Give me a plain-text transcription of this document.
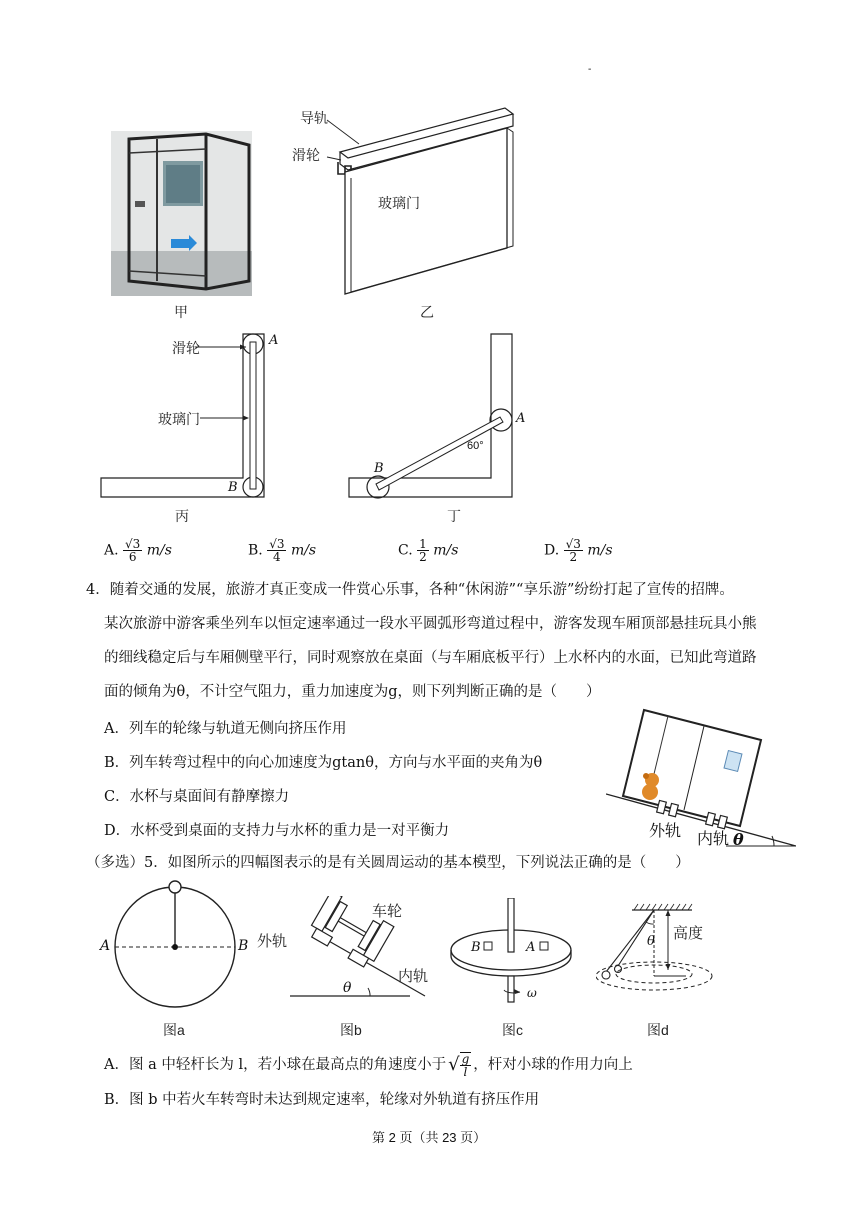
-
甲
导轨
滑轮
玻璃门
乙
滑轮
玻璃门
A
B
丙
A
B
60°
丁
A. $\frac{√3}{6} m/s$	B. $\frac{√3}{4} m/s$	C. $\frac{1}{2} m/s$	D. $\frac{√3}{2} m/s$
4．随着交通的发展，旅游才真正变成一件赏心乐事，各种“休闲游”“享乐游”纷纷打起了宣传的招牌。
某次旅游中游客乘坐列车以恒定速率通过一段水平圆弧形弯道过程中，游客发现车厢顶部悬挂玩具小熊
的细线稳定后与车厢侧壁平行，同时观察放在桌面（与车厢底板平行）上水杯内的水面，已知此弯道路
面的倾角为θ，不计空气阻力，重力加速度为g，则下列判断正确的是（　　）
A．列车的轮缘与轨道无侧向挤压作用
B．列车转弯过程中的向心加速度为gtanθ，方向与水平面的夹角为θ
C．水杯与桌面间有静摩擦力
D．水杯受到桌面的支持力与水杯的重力是一对平衡力	外轨 内轨 θ
（多选）5．如图所示的四幅图表示的是有关圆周运动的基本模型，下列说法正确的是（　　）
A	B
图a
车轮
外轨
内轨
θ
图b
B	A
ω
图c
高度
θ
图d
A．图 a 中轻杆长为 l，若小球在最高点的角速度小于 √ $\frac{g}{l}$ ，杆对小球的作用力向上
B．图 b 中若火车转弯时未达到规定速率，轮缘对外轨道有挤压作用
第 2 页（共 23 页）
